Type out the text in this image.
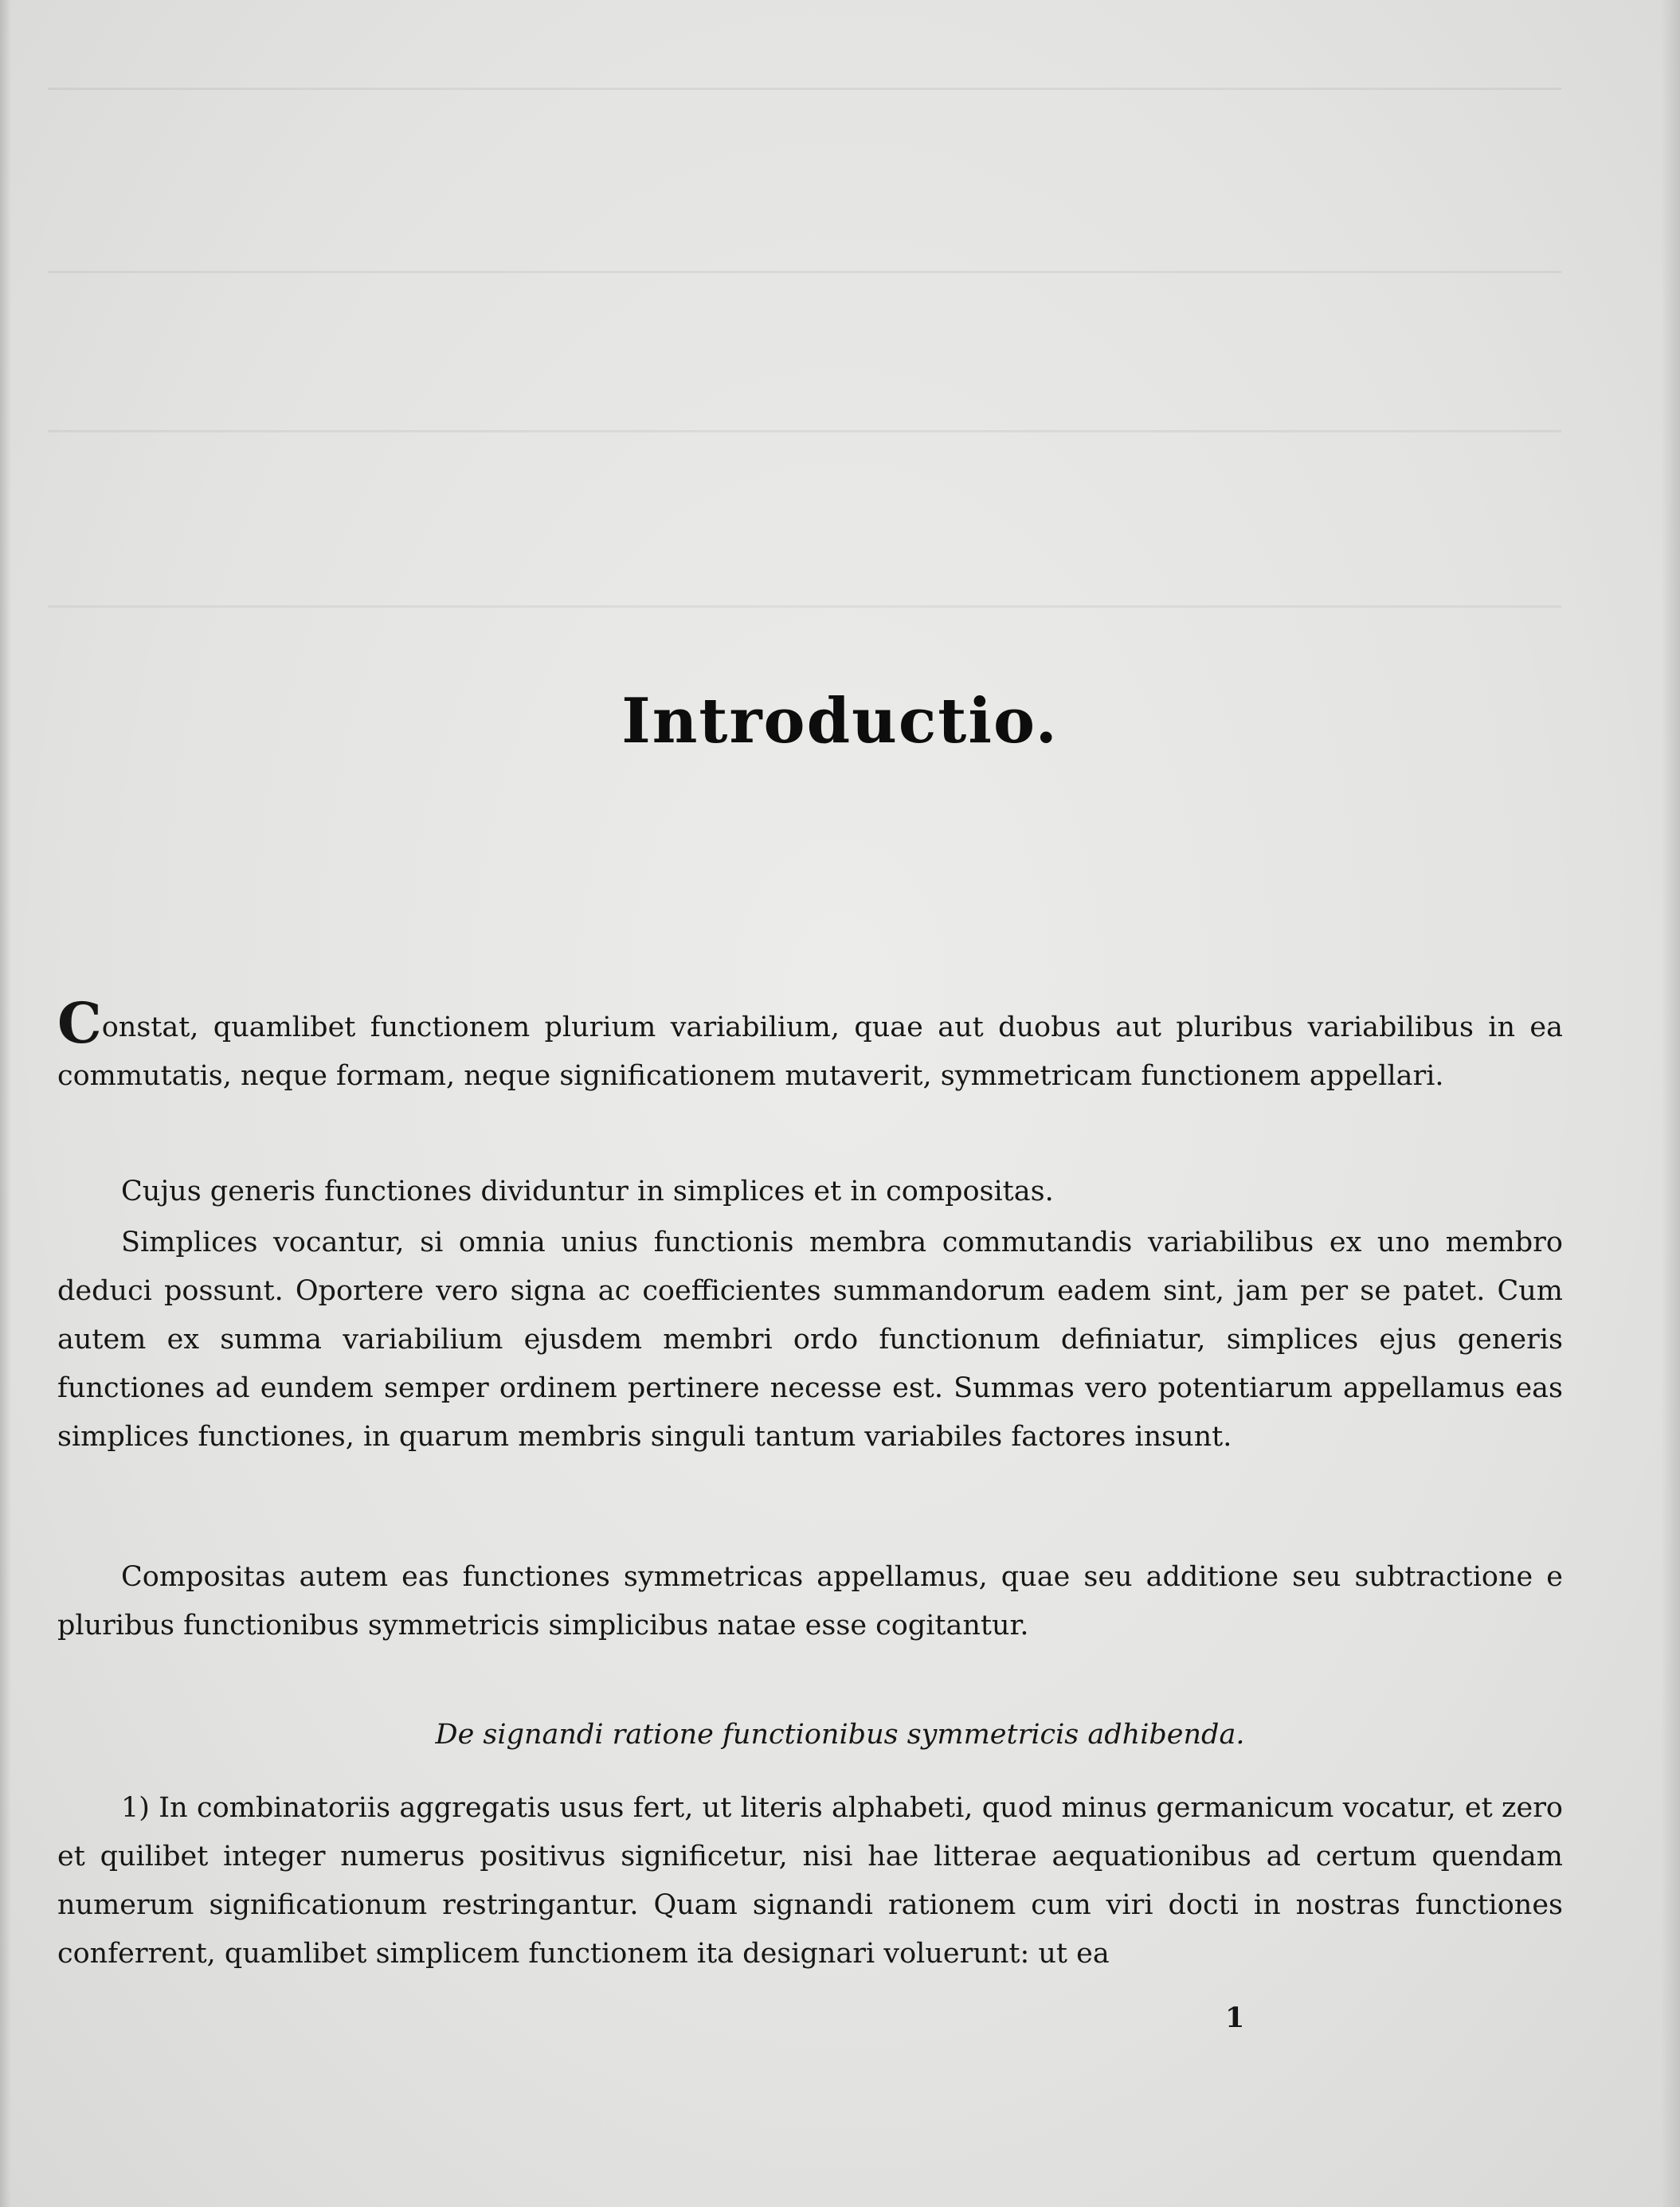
Introductio.

Constat, quamlibet functionem plurium variabilium, quae aut duobus aut pluribus variabilibus in ea commutatis, neque formam, neque significationem mutaverit, symmetricam functionem appellari.

Cujus generis functiones dividuntur in simplices et in compositas.

Simplices vocantur, si omnia unius functionis membra commutandis variabilibus ex uno membro deduci possunt. Oportere vero signa ac coefficientes summandorum eadem sint, jam per se patet. Cum autem ex summa variabilium ejusdem membri ordo functionum definiatur, simplices ejus generis functiones ad eundem semper ordinem pertinere necesse est. Summas vero potentiarum appellamus eas simplices functiones, in quarum membris singuli tantum variabiles factores insunt.

Compositas autem eas functiones symmetricas appellamus, quae seu additione seu subtractione e pluribus functionibus symmetricis simplicibus natae esse cogitantur.

De signandi ratione functionibus symmetricis adhibenda.

1) In combinatoriis aggregatis usus fert, ut literis alphabeti, quod minus germanicum vocatur, et zero et quilibet integer numerus positivus significetur, nisi hae litterae aequationibus ad certum quendam numerum significationum restringantur. Quam signandi rationem cum viri docti in nostras functiones conferrent, quamlibet simplicem functionem ita designari voluerunt: ut ea

1
